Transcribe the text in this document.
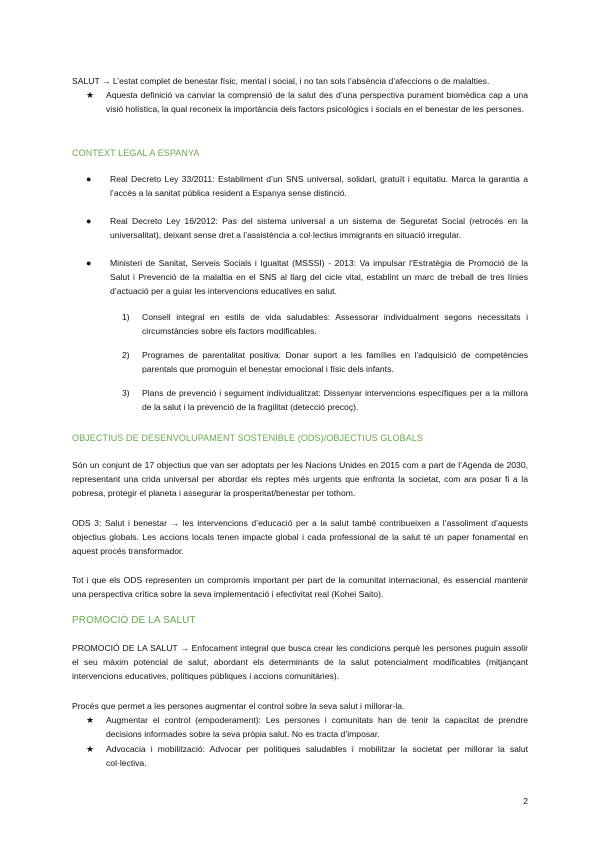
SALUT → L’estat complet de benestar físic, mental i social, i no tan sols l’absència d’afeccions o de malalties.

★	Aquesta definició va canviar la comprensió de la salut des d’una perspectiva purament biomèdica cap a una visió holística, la qual reconeix la importància dels factors psicològics i socials en el benestar de les persones.

CONTEXT LEGAL A ESPANYA
●	Real Decreto Ley 33/2011: Establiment d’un SNS universal, solidari, gratuït i equitatiu. Marca la garantia a l’accés a la sanitat pública resident a Espanya sense distinció.

●	Real Decreto Ley 16/2012: Pas del sistema universal a un sistema de Seguretat Social (retrocés en la universalitat), deixant sense dret a l’assistència a col·lectius immigrants en situació irregular.

●	Ministeri de Sanitat, Serveis Socials i Igualtat (MSSSI) - 2013: Va impulsar l’Estratègia de Promoció de la Salut i Prevenció de la malaltia en el SNS al llarg del cicle vital, establint un marc de treball de tres línies d’actuació per a guiar les intervencions educatives en salut.

1)	Consell integral en estils de vida saludables: Assessorar individualment segons necessitats i circumstàncies sobre els factors modificables.

2)	Programes de parentalitat positiva: Donar suport a les famílies en l’adquisició de competències parentals que promoguin el benestar emocional i físic dels infants.

3)	Plans de prevenció i seguiment individualitzat: Dissenyar intervencions específiques per a la millora de la salut i la prevenció de la fragilitat (detecció precoç).

OBJECTIUS DE DESENVOLUPAMENT SOSTENIBLE (ODS)/OBJECTIUS GLOBALS

Són un conjunt de 17 objectius que van ser adoptats per les Nacions Unides en 2015 com a part de l’Agenda de 2030, representant una crida universal per abordar els reptes més urgents que enfronta la societat, com ara posar fi a la pobresa, protegir el planeta i assegurar la prosperitat/benestar per tothom.

ODS 3: Salut i benestar → les intervencions d’educació per a la salut també contribueixen a l’assoliment d’aquests objectius globals. Les accions locals tenen impacte global i cada professional de la salut té un paper fonamental en aquest procés transformador.

Tot i que els ODS representen un compromís important per part de la comunitat internacional, és essencial mantenir una perspectiva crítica sobre la seva implementació i efectivitat real (Kohei Saito).

PROMOCIÓ DE LA SALUT

PROMOCIÓ DE LA SALUT → Enfocament integral que busca crear les condicions perquè les persones puguin assolir el seu màxim potencial de salut, abordant els determinants de la salut potencialment modificables (mitjançant intervencions educatives, polítiques públiques i accions comunitàries).

Procés que permet a les persones augmentar el control sobre la seva salut i millorar-la.

★	Augmentar el control (empoderament): Les persones i comunitats han de tenir la capacitat de prendre decisions informades sobre la seva pròpia salut. No es tracta d’imposar.

★	Advocacia i mobilització: Advocar per polítiques saludables i mobilitzar la societat per millorar la salut col·lectiva.

2
